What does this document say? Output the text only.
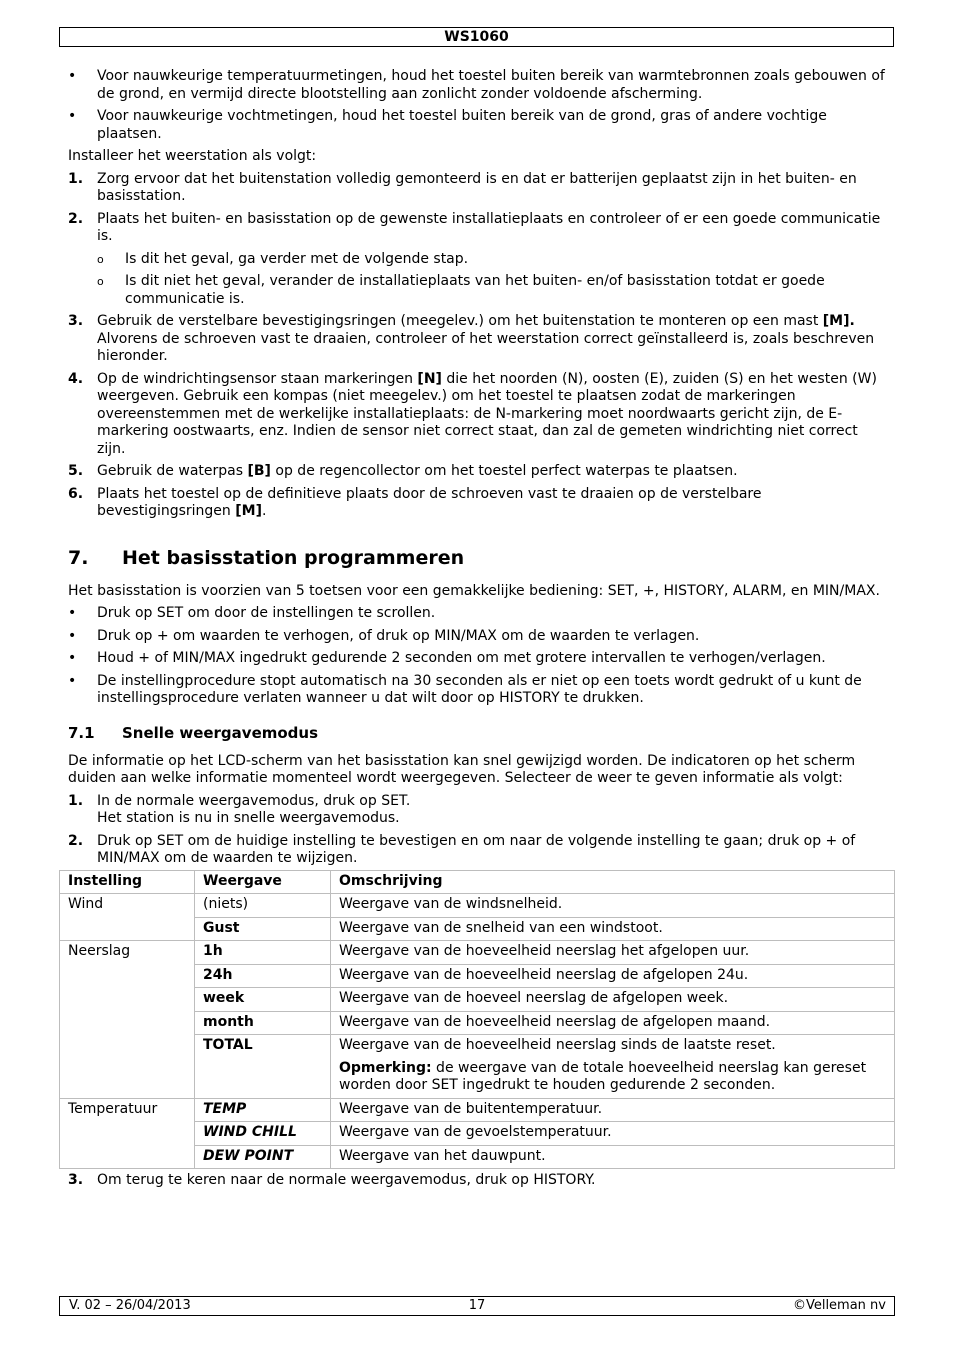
WS1060
• Voor nauwkeurige temperatuurmetingen, houd het toestel buiten bereik van warmtebronnen zoals gebouwen of de grond, en vermijd directe blootstelling aan zonlicht zonder voldoende afscherming.
• Voor nauwkeurige vochtmetingen, houd het toestel buiten bereik van de grond, gras of andere vochtige plaatsen.

Installeer het weerstation als volgt:

1. Zorg ervoor dat het buitenstation volledig gemonteerd is en dat er batterijen geplaatst zijn in het buiten- en basisstation.
2. Plaats het buiten- en basisstation op de gewenste installatieplaats en controleer of er een goede communicatie is.
o Is dit het geval, ga verder met de volgende stap.
o Is dit niet het geval, verander de installatieplaats van het buiten- en/of basisstation totdat er goede communicatie is.
3. Gebruik de verstelbare bevestigingsringen (meegelev.) om het buitenstation te monteren op een mast [M]. Alvorens de schroeven vast te draaien, controleer of het weerstation correct geïnstalleerd is, zoals beschreven hieronder.
4. Op de windrichtingsensor staan markeringen [N] die het noorden (N), oosten (E), zuiden (S) en het westen (W) weergeven. Gebruik een kompas (niet meegelev.) om het toestel te plaatsen zodat de markeringen overeenstemmen met de werkelijke installatieplaats: de N-markering moet noordwaarts gericht zijn, de E-markering oostwaarts, enz. Indien de sensor niet correct staat, dan zal de gemeten windrichting niet correct zijn.
5. Gebruik de waterpas [B] op de regencollector om het toestel perfect waterpas te plaatsen.
6. Plaats het toestel op de definitieve plaats door de schroeven vast te draaien op de verstelbare bevestigingsringen [M].
7. Het basisstation programmeren

Het basisstation is voorzien van 5 toetsen voor een gemakkelijke bediening: SET, +, HISTORY, ALARM, en MIN/MAX.

• Druk op SET om door de instellingen te scrollen.
• Druk op + om waarden te verhogen, of druk op MIN/MAX om de waarden te verlagen.
• Houd + of MIN/MAX ingedrukt gedurende 2 seconden om met grotere intervallen te verhogen/verlagen.
• De instellingprocedure stopt automatisch na 30 seconden als er niet op een toets wordt gedrukt of u kunt de instellingsprocedure verlaten wanneer u dat wilt door op HISTORY te drukken.
7.1 Snelle weergavemodus

De informatie op het LCD-scherm van het basisstation kan snel gewijzigd worden. De indicatoren op het scherm duiden aan welke informatie momenteel wordt weergegeven. Selecteer de weer te geven informatie als volgt:

1. In de normale weergavemodus, druk op SET.
Het station is nu in snelle weergavemodus.
2. Druk op SET om de huidige instelling te bevestigen en om naar de volgende instelling te gaan; druk op + of MIN/MAX om de waarden te wijzigen.
Instelling	Weergave	Omschrijving
Wind	(niets)	Weergave van de windsnelheid.
	Gust	Weergave van de snelheid van een windstoot.
Neerslag	1h	Weergave van de hoeveelheid neerslag het afgelopen uur.
	24h	Weergave van de hoeveelheid neerslag de afgelopen 24u.
	week	Weergave van de hoeveel neerslag de afgelopen week.
	month	Weergave van de hoeveelheid neerslag de afgelopen maand.
	TOTAL	Weergave van de hoeveelheid neerslag sinds de laatste reset.
Opmerking: de weergave van de totale hoeveelheid neerslag kan gereset worden door SET ingedrukt te houden gedurende 2 seconden.

Temperatuur	TEMP	Weergave van de buitentemperatuur.
	WIND CHILL	Weergave van de gevoelstemperatuur.
	DEW POINT	Weergave van het dauwpunt.
3. Om terug te keren naar de normale weergavemodus, druk op HISTORY.
V. 02 – 26/04/2013	17	©Velleman nv
